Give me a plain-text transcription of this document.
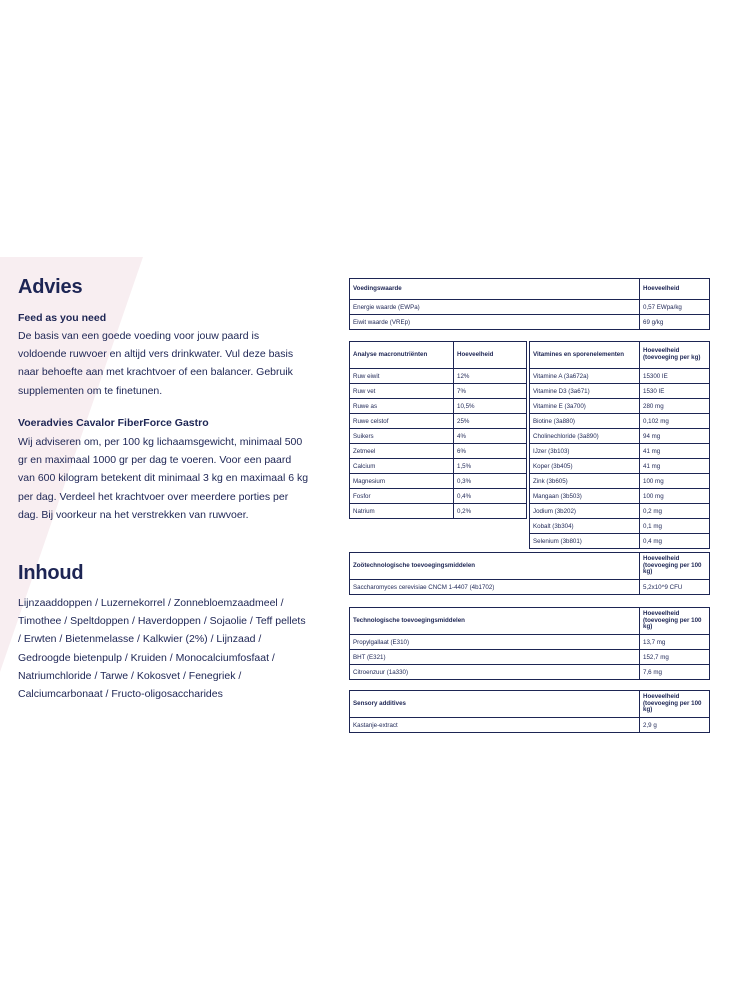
Advies
Feed as you need

De basis van een goede voeding voor jouw paard is voldoende ruwvoer en altijd vers drinkwater. Vul deze basis naar behoefte aan met krachtvoer of een balancer. Gebruik supplementen om te finetunen.

Voeradvies Cavalor FiberForce Gastro

Wij adviseren om, per 100 kg lichaamsgewicht, minimaal 500 gr en maximaal 1000 gr per dag te voeren. Voor een paard van 600 kilogram betekent dit minimaal 3 kg en maximaal 6 kg per dag. Verdeel het krachtvoer over meerdere porties per dag. Bij voorkeur na het verstrekken van ruwvoer.

Inhoud

Lijnzaaddoppen / Luzernekorrel / Zonnebloemzaadmeel / Timothee / Speltdoppen / Haverdoppen / Sojaolie / Teff pellets / Erwten / Bietenmelasse / Kalkwier (2%) / Lijnzaad / Gedroogde bietenpulp / Kruiden / Monocalciumfosfaat / Natriumchloride / Tarwe / Kokosvet / Fenegriek / Calciumcarbonaat / Fructo-oligosaccharides

Voedingswaarde	Hoeveelheid
Energie waarde (EWPa)	0,57 EWpa/kg
Eiwit waarde (VREp)	69 g/kg
Analyse macronutriënten	Hoeveelheid
Ruw eiwit	12%
Ruw vet	7%
Ruwe as	10,5%
Ruwe celstof	25%
Suikers	4%
Zetmeel	6%
Calcium	1,5%
Magnesium	0,3%
Fosfor	0,4%
Natrium	0,2%
Vitamines en sporenelementen	Hoeveelheid (toevoeging per kg)
Vitamine A (3a672a)	15300 IE
Vitamine D3 (3a671)	1530 IE
Vitamine E (3a700)	280 mg
Biotine (3a880)	0,102 mg
Cholinechloride (3a890)	94 mg
IJzer (3b103)	41 mg
Koper (3b405)	41 mg
Zink (3b605)	100 mg
Mangaan (3b503)	100 mg
Jodium (3b202)	0,2 mg
Kobalt (3b304)	0,1 mg
Selenium (3b801)	0,4 mg
Zoötechnologische toevoegingsmiddelen	Hoeveelheid (toevoeging per 100 kg)
Saccharomyces cerevisiae CNCM 1-4407 (4b1702)	5,2x10^9 CFU
Technologische toevoegingsmiddelen	Hoeveelheid (toevoeging per 100 kg)
Propylgallaat (E310)	13,7 mg
BHT (E321)	152,7 mg
Citroenzuur (1a330)	7,6 mg
Sensory additives	Hoeveelheid (toevoeging per 100 kg)
Kastanje-extract	2,9 g
